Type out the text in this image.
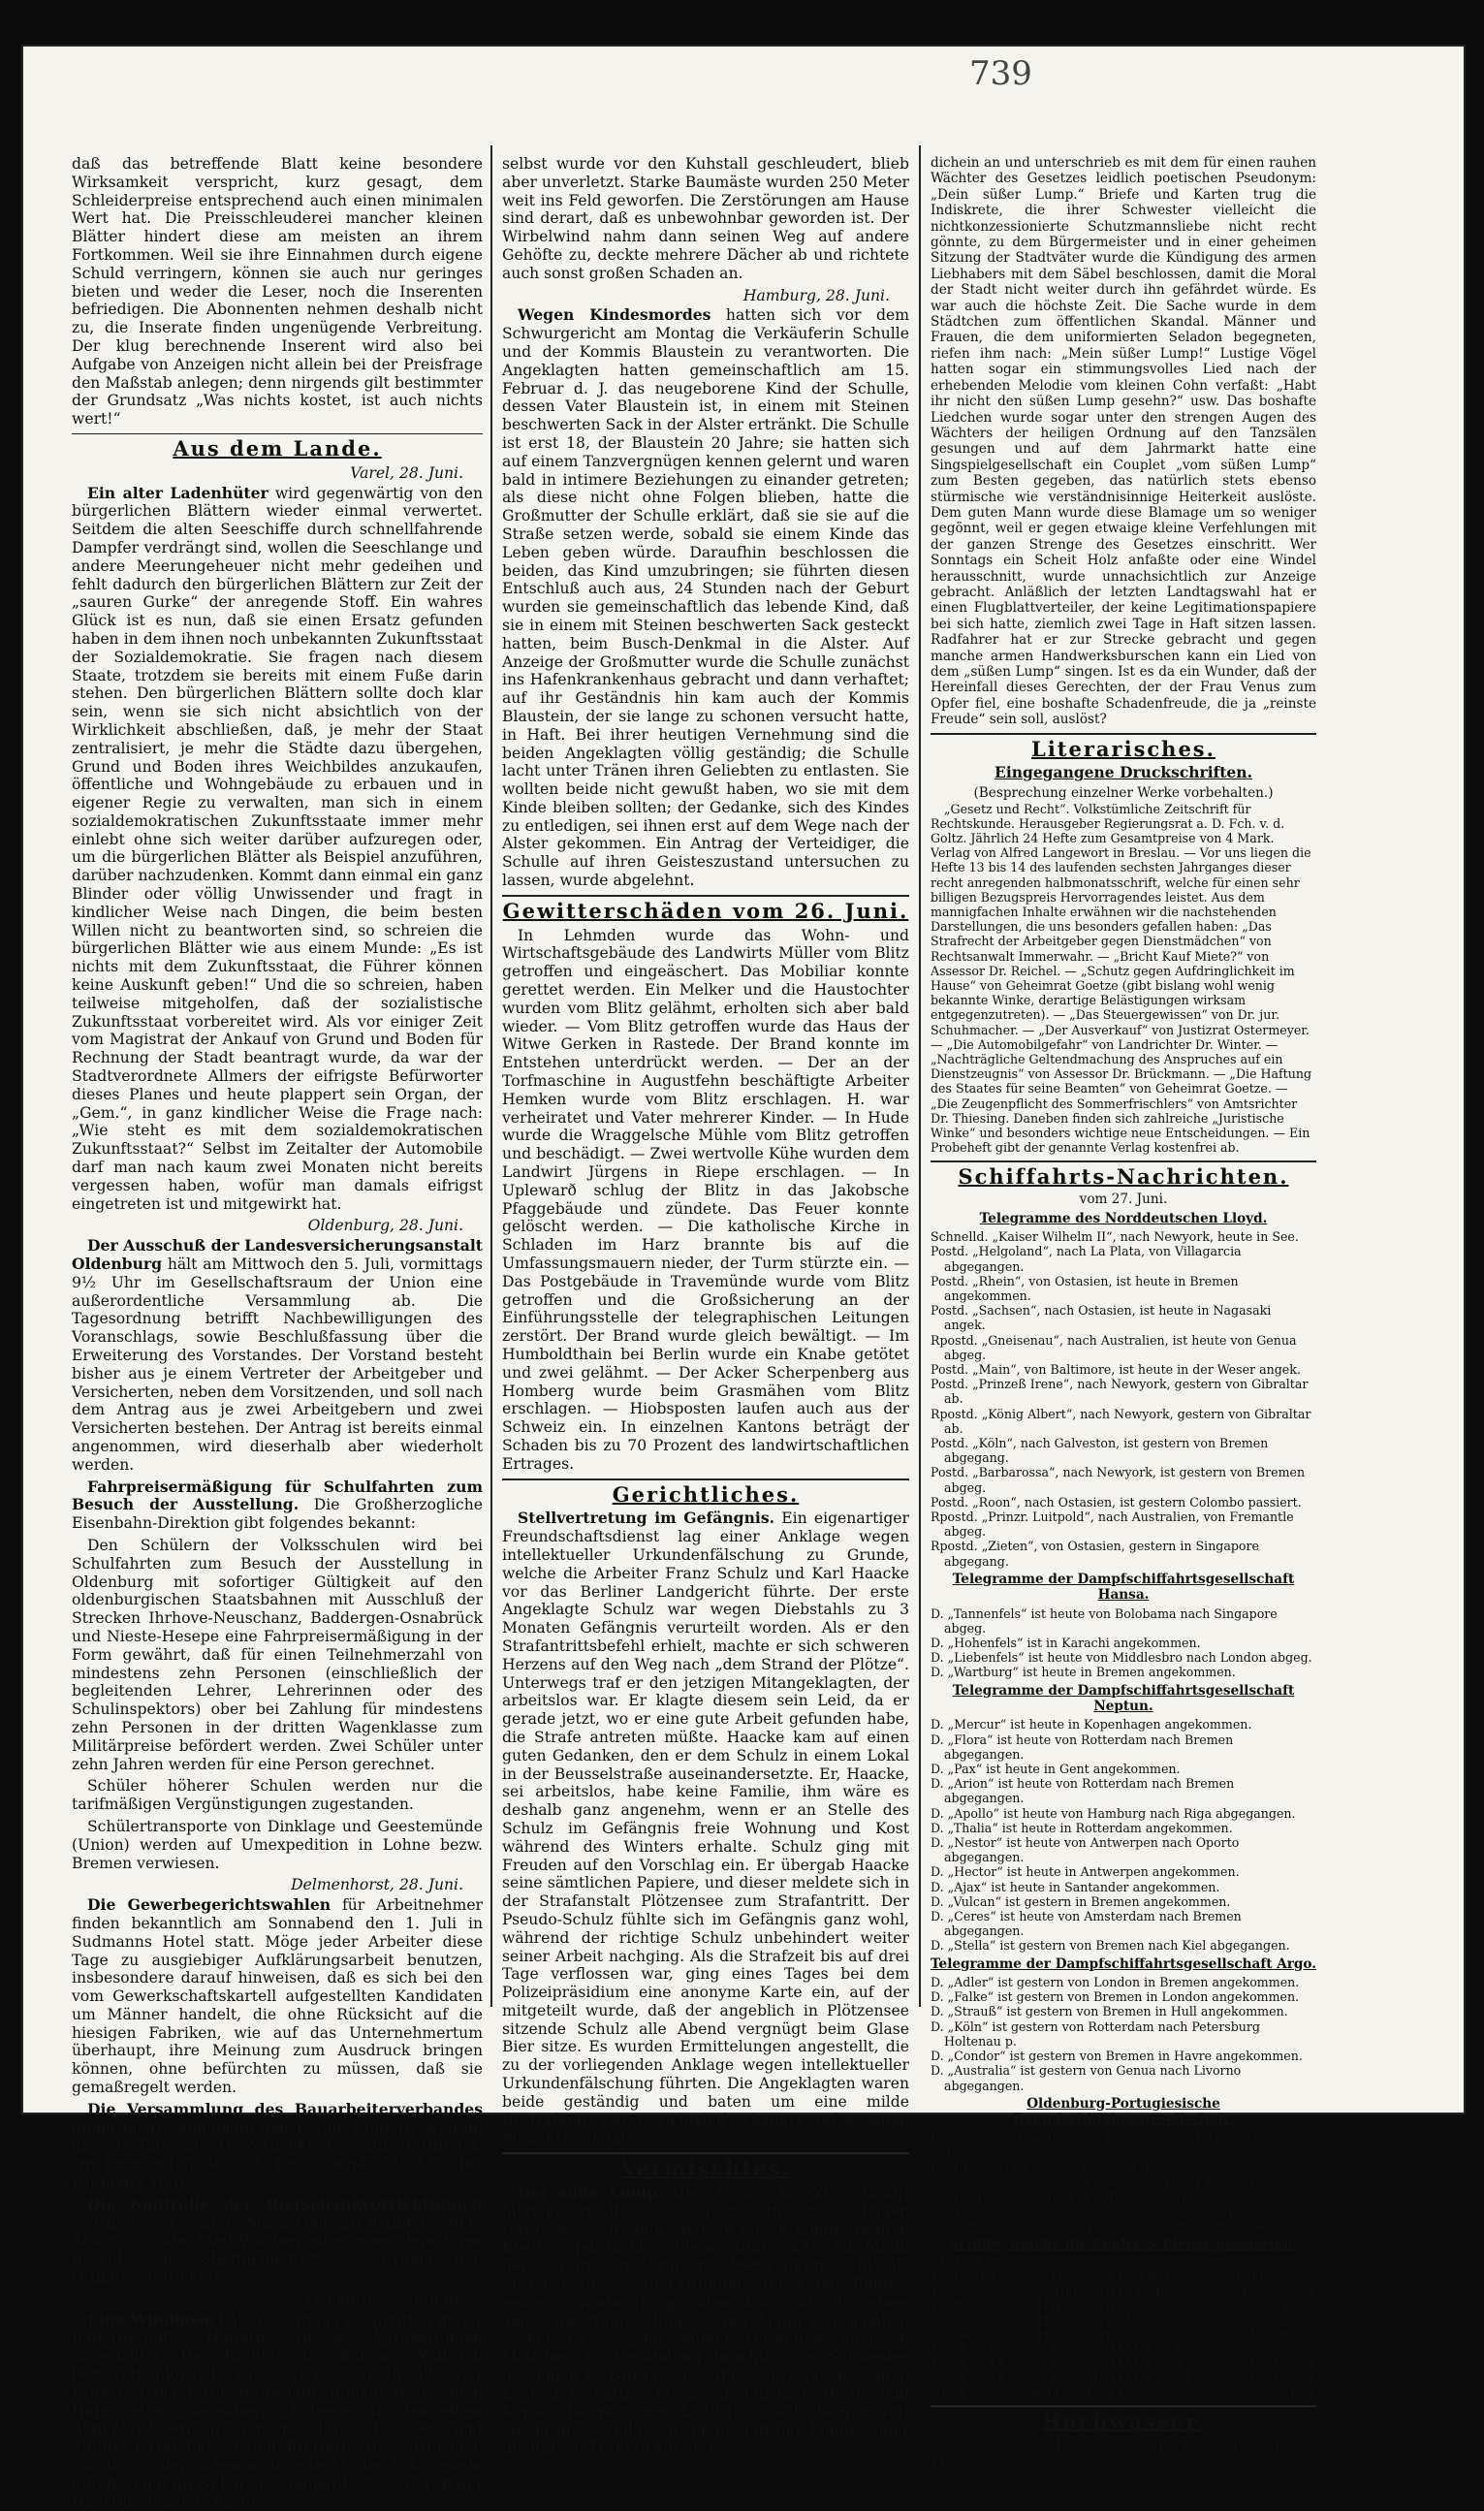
739

daß das betreffende Blatt keine besondere Wirksamkeit verspricht, kurz gesagt, dem Schleiderpreise entsprechend auch einen minimalen Wert hat. Die Preisschleuderei mancher kleinen Blätter hindert diese am meisten an ihrem Fortkommen. Weil sie ihre Einnahmen durch eigene Schuld verringern, können sie auch nur geringes bieten und weder die Leser, noch die Inserenten befriedigen. Die Abonnenten nehmen deshalb nicht zu, die Inserate finden ungenügende Verbreitung. Der klug berechnende Inserent wird also bei Aufgabe von Anzeigen nicht allein bei der Preisfrage den Maßstab anlegen; denn nirgends gilt bestimmter der Grundsatz „Was nichts kostet, ist auch nichts wert!“

Aus dem Lande.
Varel, 28. Juni.

Ein alter Ladenhüter wird gegenwärtig von den bürgerlichen Blättern wieder einmal verwertet. Seitdem die alten Seeschiffe durch schnellfahrende Dampfer verdrängt sind, wollen die Seeschlange und andere Meerungeheuer nicht mehr gedeihen und fehlt dadurch den bürgerlichen Blättern zur Zeit der „sauren Gurke“ der anregende Stoff. Ein wahres Glück ist es nun, daß sie einen Ersatz gefunden haben in dem ihnen noch unbekannten Zukunftsstaat der Sozialdemokratie. Sie fragen nach diesem Staate, trotzdem sie bereits mit einem Fuße darin stehen. Den bürgerlichen Blättern sollte doch klar sein, wenn sie sich nicht absichtlich von der Wirklichkeit abschließen, daß, je mehr der Staat zentralisiert, je mehr die Städte dazu übergehen, Grund und Boden ihres Weichbildes anzukaufen, öffentliche und Wohngebäude zu erbauen und in eigener Regie zu verwalten, man sich in einem sozialdemokratischen Zukunftsstaate immer mehr einlebt ohne sich weiter darüber aufzuregen oder, um die bürgerlichen Blätter als Beispiel anzuführen, darüber nachzudenken. Kommt dann einmal ein ganz Blinder oder völlig Unwissender und fragt in kindlicher Weise nach Dingen, die beim besten Willen nicht zu beantworten sind, so schreien die bürgerlichen Blätter wie aus einem Munde: „Es ist nichts mit dem Zukunftsstaat, die Führer können keine Auskunft geben!“ Und die so schreien, haben teilweise mitgeholfen, daß der sozialistische Zukunftsstaat vorbereitet wird. Als vor einiger Zeit vom Magistrat der Ankauf von Grund und Boden für Rechnung der Stadt beantragt wurde, da war der Stadtverordnete Allmers der eifrigste Befürworter dieses Planes und heute plappert sein Organ, der „Gem.“, in ganz kindlicher Weise die Frage nach: „Wie steht es mit dem sozialdemokratischen Zukunftsstaat?“ Selbst im Zeitalter der Automobile darf man nach kaum zwei Monaten nicht bereits vergessen haben, wofür man damals eifrigst eingetreten ist und mitgewirkt hat.

Oldenburg, 28. Juni.

Der Ausschuß der Landesversicherungsanstalt Oldenburg hält am Mittwoch den 5. Juli, vormittags 9½ Uhr im Gesellschaftsraum der Union eine außerordentliche Versammlung ab. Die Tagesordnung betrifft Nachbewilligungen des Voranschlags, sowie Beschlußfassung über die Erweiterung des Vorstandes. Der Vorstand besteht bisher aus je einem Vertreter der Arbeitgeber und Versicherten, neben dem Vorsitzenden, und soll nach dem Antrag aus je zwei Arbeitgebern und zwei Versicherten bestehen. Der Antrag ist bereits einmal angenommen, wird dieserhalb aber wiederholt werden.

Fahrpreisermäßigung für Schulfahrten zum Besuch der Ausstellung. Die Großherzogliche Eisenbahn-Direktion gibt folgendes bekannt:

Den Schülern der Volksschulen wird bei Schulfahrten zum Besuch der Ausstellung in Oldenburg mit sofortiger Gültigkeit auf den oldenburgischen Staatsbahnen mit Ausschluß der Strecken Ihrhove-Neuschanz, Baddergen-Osnabrück und Nieste-Hesepe eine Fahrpreisermäßigung in der Form gewährt, daß für einen Teilnehmerzahl von mindestens zehn Personen (einschließlich der begleitenden Lehrer, Lehrerinnen oder des Schulinspektors) ober bei Zahlung für mindestens zehn Personen in der dritten Wagenklasse zum Militärpreise befördert werden. Zwei Schüler unter zehn Jahren werden für eine Person gerechnet.

Schüler höherer Schulen werden nur die tarifmäßigen Vergünstigungen zugestanden.

Schülertransporte von Dinklage und Geestemünde (Union) werden auf Umexpedition in Lohne bezw. Bremen verwiesen.

Delmenhorst, 28. Juni.

Die Gewerbegerichtswahlen für Arbeitnehmer finden bekanntlich am Sonnabend den 1. Juli in Sudmanns Hotel statt. Möge jeder Arbeiter diese Tage zu ausgiebiger Aufklärungsarbeit benutzen, insbesondere darauf hinweisen, daß es sich bei den vom Gewerkschaftskartell aufgestellten Kandidaten um Männer handelt, die ohne Rücksicht auf die hiesigen Fabriken, wie auf das Unternehmertum überhaupt, ihre Meinung zum Ausdruck bringen können, ohne befürchten zu müssen, daß sie gemaßregelt werden.

Die Versammlung des Bauarbeiterverbandes findet nicht Sonnabend den 1. Juli, sondern, weil an diesem Tage die Gewerbegerichtswahl stattfindet, am Donnerstag den 29. Juni, abends 8½ Uhr, bei Peitmeier statt.

Die Kontrolle der Bierschankvorrichtungen soll hier erst vom 1. März 1906 ab geübt werden. Also ganz ohne Eile! Wir begreifen einen derartigen Beschluß des Stadtmagistrats aus hygienischen Gründen aufrichtig.

Osnabrück, 28. Juni.

Eine Windhose hat am Sonntag nachmittag in der Bauernschaft Haltern große Verheerungen angerichtet. Der Pächter des Kolonen Wulfrich bemerkte plötzlich, wie sich eine Staubwolke der Erde erhebend trichterförmige dunkle Wolke dem Hofe seines Dienstherrn näherte. In demselben Augenblick erfolgte ein gewaltiges Krachen, und Splittern von Balken und Brettern. Das Strohdach wurde von der Scheune abgedeckt, der Schornstein durchschlug im Fallen die Zimmerdecken. Der in der Haustür stehende Pächter

selbst wurde vor den Kuhstall geschleudert, blieb aber unverletzt. Starke Baumäste wurden 250 Meter weit ins Feld geworfen. Die Zerstörungen am Hause sind derart, daß es unbewohnbar geworden ist. Der Wirbelwind nahm dann seinen Weg auf andere Gehöfte zu, deckte mehrere Dächer ab und richtete auch sonst großen Schaden an.

Hamburg, 28. Juni.

Wegen Kindesmordes hatten sich vor dem Schwurgericht am Montag die Verkäuferin Schulle und der Kommis Blaustein zu verantworten. Die Angeklagten hatten gemeinschaftlich am 15. Februar d. J. das neugeborene Kind der Schulle, dessen Vater Blaustein ist, in einem mit Steinen beschwerten Sack in der Alster ertränkt. Die Schulle ist erst 18, der Blaustein 20 Jahre; sie hatten sich auf einem Tanzvergnügen kennen gelernt und waren bald in intimere Beziehungen zu einander getreten; als diese nicht ohne Folgen blieben, hatte die Großmutter der Schulle erklärt, daß sie sie auf die Straße setzen werde, sobald sie einem Kinde das Leben geben würde. Daraufhin beschlossen die beiden, das Kind umzubringen; sie führten diesen Entschluß auch aus, 24 Stunden nach der Geburt wurden sie gemeinschaftlich das lebende Kind, daß sie in einem mit Steinen beschwerten Sack gesteckt hatten, beim Busch-Denkmal in die Alster. Auf Anzeige der Großmutter wurde die Schulle zunächst ins Hafenkrankenhaus gebracht und dann verhaftet; auf ihr Geständnis hin kam auch der Kommis Blaustein, der sie lange zu schonen versucht hatte, in Haft. Bei ihrer heutigen Vernehmung sind die beiden Angeklagten völlig geständig; die Schulle lacht unter Tränen ihren Geliebten zu entlasten. Sie wollten beide nicht gewußt haben, wo sie mit dem Kinde bleiben sollten; der Gedanke, sich des Kindes zu entledigen, sei ihnen erst auf dem Wege nach der Alster gekommen. Ein Antrag der Verteidiger, die Schulle auf ihren Geisteszustand untersuchen zu lassen, wurde abgelehnt.

Gewitterschäden vom 26. Juni.

In Lehmden wurde das Wohn- und Wirtschaftsgebäude des Landwirts Müller vom Blitz getroffen und eingeäschert. Das Mobiliar konnte gerettet werden. Ein Melker und die Haustochter wurden vom Blitz gelähmt, erholten sich aber bald wieder. — Vom Blitz getroffen wurde das Haus der Witwe Gerken in Rastede. Der Brand konnte im Entstehen unterdrückt werden. — Der an der Torfmaschine in Augustfehn beschäftigte Arbeiter Hemken wurde vom Blitz erschlagen. H. war verheiratet und Vater mehrerer Kinder. — In Hude wurde die Wraggelsche Mühle vom Blitz getroffen und beschädigt. — Zwei wertvolle Kühe wurden dem Landwirt Jürgens in Riepe erschlagen. — In Uplewarð schlug der Blitz in das Jakobsche Pfaggebäude und zündete. Das Feuer konnte gelöscht werden. — Die katholische Kirche in Schladen im Harz brannte bis auf die Umfassungsmauern nieder, der Turm stürzte ein. — Das Postgebäude in Travemünde wurde vom Blitz getroffen und die Großsicherung an der Einführungsstelle der telegraphischen Leitungen zerstört. Der Brand wurde gleich bewältigt. — Im Humboldthain bei Berlin wurde ein Knabe getötet und zwei gelähmt. — Der Acker Scherpenberg aus Homberg wurde beim Grasmähen vom Blitz erschlagen. — Hiobsposten laufen auch aus der Schweiz ein. In einzelnen Kantons beträgt der Schaden bis zu 70 Prozent des landwirtschaftlichen Ertrages.

Gerichtliches.

Stellvertretung im Gefängnis. Ein eigenartiger Freundschaftsdienst lag einer Anklage wegen intellektueller Urkundenfälschung zu Grunde, welche die Arbeiter Franz Schulz und Karl Haacke vor das Berliner Landgericht führte. Der erste Angeklagte Schulz war wegen Diebstahls zu 3 Monaten Gefängnis verurteilt worden. Als er den Strafantrittsbefehl erhielt, machte er sich schweren Herzens auf den Weg nach „dem Strand der Plötze“. Unterwegs traf er den jetzigen Mitangeklagten, der arbeitslos war. Er klagte diesem sein Leid, da er gerade jetzt, wo er eine gute Arbeit gefunden habe, die Strafe antreten müßte. Haacke kam auf einen guten Gedanken, den er dem Schulz in einem Lokal in der Beusselstraße auseinandersetzte. Er, Haacke, sei arbeitslos, habe keine Familie, ihm wäre es deshalb ganz angenehm, wenn er an Stelle des Schulz im Gefängnis freie Wohnung und Kost während des Winters erhalte. Schulz ging mit Freuden auf den Vorschlag ein. Er übergab Haacke seine sämtlichen Papiere, und dieser meldete sich in der Strafanstalt Plötzensee zum Strafantritt. Der Pseudo-Schulz fühlte sich im Gefängnis ganz wohl, während der richtige Schulz unbehindert weiter seiner Arbeit nachging. Als die Strafzeit bis auf drei Tage verflossen war, ging eines Tages bei dem Polizeipräsidium eine anonyme Karte ein, auf der mitgeteilt wurde, daß der angeblich in Plötzensee sitzende Schulz alle Abend vergnügt beim Glase Bier sitze. Es wurden Ermittelungen angestellt, die zu der vorliegenden Anklage wegen intellektueller Urkundenfälschung führten. Die Angeklagten waren beide geständig und baten um eine milde Bestrafung. Der Gerichtshof erkannte auf je einen Monat Gefängnis.

Vermischtes.

Der süße Lump. Die „Sächs. Arb.-Ztg.“ bringt folgende niedliche Geschichte: In einer „kleinen Garnison“ — pardon Stadt in einem Lande, in dem Eheirrungen nichts Seltenes sind, wirkte ein Mann der bewaffneten Obrigkeit „streng und gerecht“ als Sozialistenfresser und Ordnungsstütze eines Ranges seines verantwortungsvollen Amts, bis ihn eines Tages die traute Minne — der Mann war nämlich verheiratet — mit einem reizenden jüngeren Mädchen in Verbindung brachte. Die Schwester desselben zu Fall brachte. Die Schwester desselben kleinen Verhältnis etwas zu indiskret, Briefe und Karten des wackeren Liebhabers aufzufangen. Auf einem dieser Billets d'amour gab der Mann seiner illegitimen Trauten ein Stell-

dichein an und unterschrieb es mit dem für einen rauhen Wächter des Gesetzes leidlich poetischen Pseudonym: „Dein süßer Lump.“ Briefe und Karten trug die Indiskrete, die ihrer Schwester vielleicht die nichtkonzessionierte Schutzmannsliebe nicht recht gönnte, zu dem Bürgermeister und in einer geheimen Sitzung der Stadtväter wurde die Kündigung des armen Liebhabers mit dem Säbel beschlossen, damit die Moral der Stadt nicht weiter durch ihn gefährdet würde. Es war auch die höchste Zeit. Die Sache wurde in dem Städtchen zum öffentlichen Skandal. Männer und Frauen, die dem uniformierten Seladon begegneten, riefen ihm nach: „Mein süßer Lump!“ Lustige Vögel hatten sogar ein stimmungsvolles Lied nach der erhebenden Melodie vom kleinen Cohn verfaßt: „Habt ihr nicht den süßen Lump gesehn?“ usw. Das boshafte Liedchen wurde sogar unter den strengen Augen des Wächters der heiligen Ordnung auf den Tanzsälen gesungen und auf dem Jahrmarkt hatte eine Singspielgesellschaft ein Couplet „vom süßen Lump“ zum Besten gegeben, das natürlich stets ebenso stürmische wie verständnisinnige Heiterkeit auslöste. Dem guten Mann wurde diese Blamage um so weniger gegönnt, weil er gegen etwaige kleine Verfehlungen mit der ganzen Strenge des Gesetzes einschritt. Wer Sonntags ein Scheit Holz anfaßte oder eine Windel herausschnitt, wurde unnachsichtlich zur Anzeige gebracht. Anläßlich der letzten Landtagswahl hat er einen Flugblattverteiler, der keine Legitimationspapiere bei sich hatte, ziemlich zwei Tage in Haft sitzen lassen. Radfahrer hat er zur Strecke gebracht und gegen manche armen Handwerksburschen kann ein Lied von dem „süßen Lump“ singen. Ist es da ein Wunder, daß der Hereinfall dieses Gerechten, der der Frau Venus zum Opfer fiel, eine boshafte Schadenfreude, die ja „reinste Freude“ sein soll, auslöst?

Literarisches.
Eingegangene Druckschriften.
(Besprechung einzelner Werke vorbehalten.)

„Gesetz und Recht“. Volkstümliche Zeitschrift für Rechtskunde. Herausgeber Regierungsrat a. D. Fch. v. d. Goltz. Jährlich 24 Hefte zum Gesamtpreise von 4 Mark. Verlag von Alfred Langewort in Breslau. — Vor uns liegen die Hefte 13 bis 14 des laufenden sechsten Jahrganges dieser recht anregenden halbmonatsschrift, welche für einen sehr billigen Bezugspreis Hervorragendes leistet. Aus dem mannigfachen Inhalte erwähnen wir die nachstehenden Darstellungen, die uns besonders gefallen haben: „Das Strafrecht der Arbeitgeber gegen Dienstmädchen“ von Rechtsanwalt Immerwahr. — „Bricht Kauf Miete?“ von Assessor Dr. Reichel. — „Schutz gegen Aufdringlichkeit im Hause“ von Geheimrat Goetze (gibt bislang wohl wenig bekannte Winke, derartige Belästigungen wirksam entgegenzutreten). — „Das Steuergewissen“ von Dr. jur. Schuhmacher. — „Der Ausverkauf“ von Justizrat Ostermeyer. — „Die Automobilgefahr“ von Landrichter Dr. Winter. — „Nachträgliche Geltendmachung des Anspruches auf ein Dienstzeugnis“ von Assessor Dr. Brückmann. — „Die Haftung des Staates für seine Beamten“ von Geheimrat Goetze. — „Die Zeugenpflicht des Sommerfrischlers“ von Amtsrichter Dr. Thiesing. Daneben finden sich zahlreiche „Juristische Winke“ und besonders wichtige neue Entscheidungen. — Ein Probeheft gibt der genannte Verlag kostenfrei ab.

Schiffahrts-Nachrichten.
vom 27. Juni.
Telegramme des Norddeutschen Lloyd.
Schnelld. „Kaiser Wilhelm II“, nach Newyork, heute in See.
Postd. „Helgoland“, nach La Plata, von Villagarcia abgegangen.
Postd. „Rhein“, von Ostasien, ist heute in Bremen angekommen.
Postd. „Sachsen“, nach Ostasien, ist heute in Nagasaki angek.
Rpostd. „Gneisenau“, nach Australien, ist heute von Genua abgeg.
Postd. „Main“, von Baltimore, ist heute in der Weser angek.
Postd. „Prinzeß Irene“, nach Newyork, gestern von Gibraltar ab.
Rpostd. „König Albert“, nach Newyork, gestern von Gibraltar ab.
Postd. „Köln“, nach Galveston, ist gestern von Bremen abgegang.
Postd. „Barbarossa“, nach Newyork, ist gestern von Bremen abgeg.
Postd. „Roon“, nach Ostasien, ist gestern Colombo passiert.
Rpostd. „Prinzr. Luitpold“, nach Australien, von Fremantle abgeg.
Rpostd. „Zieten“, von Ostasien, gestern in Singapore abgegang.
Telegramme der Dampfschiffahrtsgesellschaft Hansa.
D. „Tannenfels“ ist heute von Bolobama nach Singapore abgeg.
D. „Hohenfels“ ist in Karachi angekommen.
D. „Liebenfels“ ist heute von Middlesbro nach London abgeg.
D. „Wartburg“ ist heute in Bremen angekommen.
Telegramme der Dampfschiffahrtsgesellschaft Neptun.
D. „Mercur“ ist heute in Kopenhagen angekommen.
D. „Flora“ ist heute von Rotterdam nach Bremen abgegangen.
D. „Pax“ ist heute in Gent angekommen.
D. „Arion“ ist heute von Rotterdam nach Bremen abgegangen.
D. „Apollo“ ist heute von Hamburg nach Riga abgegangen.
D. „Thalia“ ist heute in Rotterdam angekommen.
D. „Nestor“ ist heute von Antwerpen nach Oporto abgegangen.
D. „Hector“ ist heute in Antwerpen angekommen.
D. „Ajax“ ist heute in Santander angekommen.
D. „Vulcan“ ist gestern in Bremen angekommen.
D. „Ceres“ ist heute von Amsterdam nach Bremen abgegangen.
D. „Stella“ ist gestern von Bremen nach Kiel abgegangen.
Telegramme der Dampfschiffahrtsgesellschaft Argo.
D. „Adler“ ist gestern von London in Bremen angekommen.
D. „Falke“ ist gestern von Bremen in London angekommen.
D. „Strauß“ ist gestern von Bremen in Hull angekommen.
D. „Köln“ ist gestern von Rotterdam nach Petersburg Holtenau p.
D. „Condor“ ist gestern von Bremen in Havre angekommen.
D. „Australia“ ist gestern von Genua nach Livorno abgegangen.
Oldenburg-Portugiesische Dampfschiffahrtsgesellschaft.
D. „Cintra“, ist gestern von Antwerpen nach Gibraltar abgegangen.
D. „Bremen“ ist gestern in Abo angekommen.
D. „Guadiana“ ist gestern ausgehend Dover passiert.
D. „Bianna“ ist gestern in Rotterdam angekommen.
D. „Villareal“ ist gestern in Huelva angekommen.
D. „Porto“ ist heute von Huelva nach Rotterdam abgegangen.
Schiffe, welche die Emder Schleuse passierten.
26. Juni	von		von
Catharina	Hemmoor	Plünte 12	Bollingerfähr
Presse	Hamburg	D. Regimen	Ghentchest
Dortmund	Hardenberg		nach
Einigkeit	Hardenberg	Mantiena	Aurich
Emden	Hardenberg	W.T.A.G. 18	Dortmund
W.T.A.G. 12	Dortmund	W.T.A.G. 17	
W.T.A.G. 44	Dortmund	W.T.A.G. 8	Dortmund
W.T.A.G. 34	Dortmund	W.T.A.G. 30	Dortmund
Anna	Bollingerfähr	D. Sydenham	Narvik
Hochwasser.
Donnerstag, 29. Juni: vormittags 10,38, nachmittags 11,08
